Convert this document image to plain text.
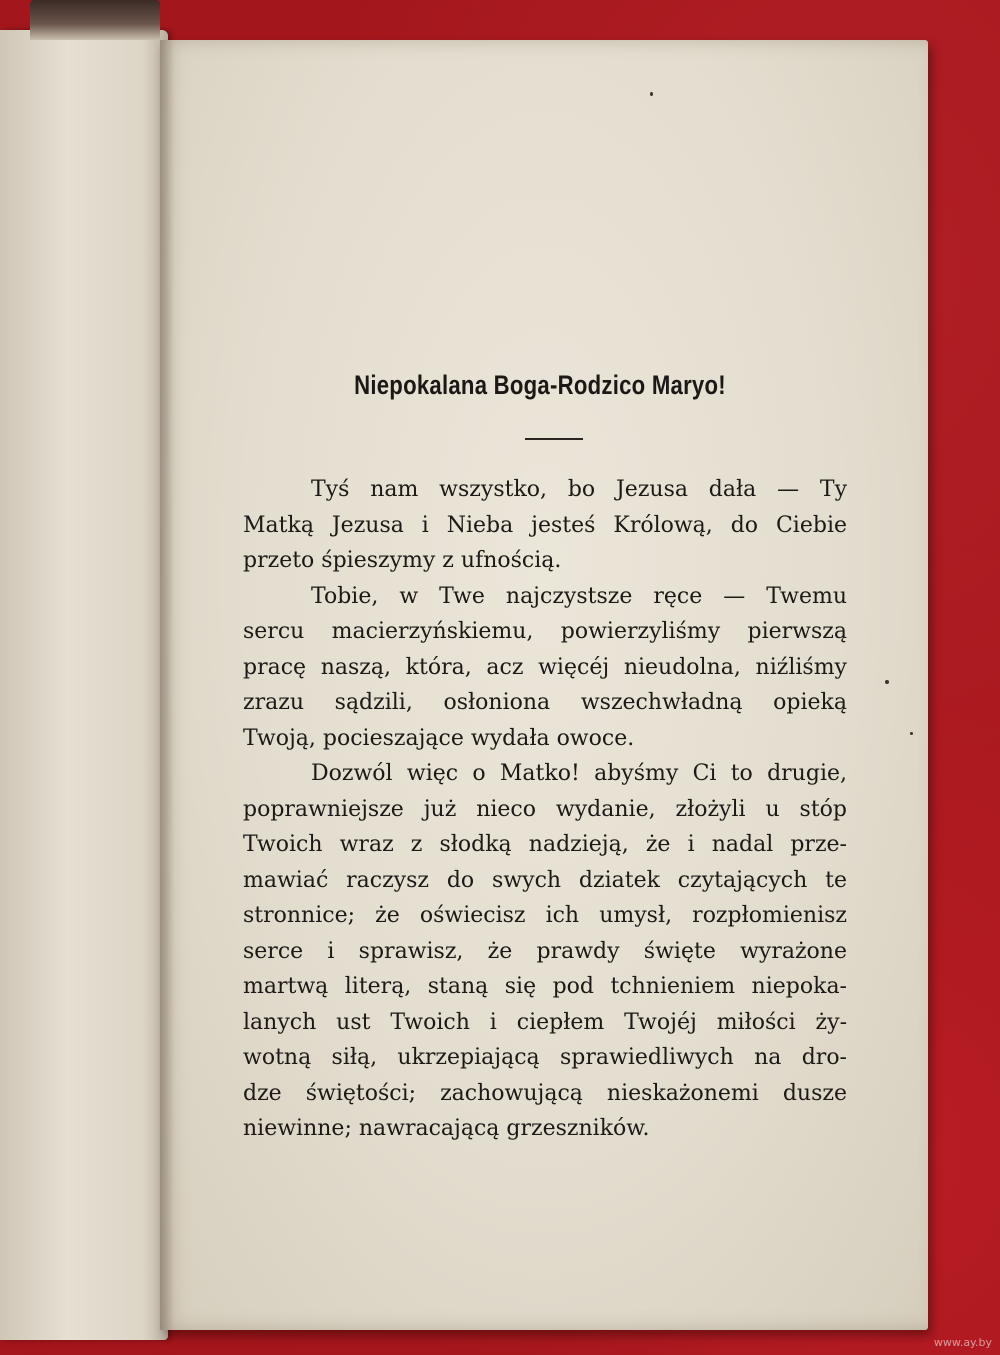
Niepokalana Boga-Rodzico Maryo!
Tyś nam wszystko, bo Jezusa dała — Ty
Matką Jezusa i Nieba jesteś Królową, do Ciebie
przeto śpieszymy z ufnością.
Tobie, w Twe najczystsze ręce — Twemu
sercu macierzyńskiemu, powierzyliśmy pierwszą
pracę naszą, która, acz więcéj nieudolna, niźliśmy
zrazu sądzili, osłoniona wszechwładną opieką
Twoją, pocieszające wydała owoce.
Dozwól więc o Matko! abyśmy Ci to drugie,
poprawniejsze już nieco wydanie, złożyli u stóp
Twoich wraz z słodką nadzieją, że i nadal prze-
mawiać raczysz do swych dziatek czytających te
stronnice; że oświecisz ich umysł, rozpłomienisz
serce i sprawisz, że prawdy święte wyrażone
martwą literą, staną się pod tchnieniem niepoka-
lanych ust Twoich i ciepłem Twojéj miłości ży-
wotną siłą, ukrzepiającą sprawiedliwych na dro-
dze świętości; zachowującą nieskażonemi dusze
niewinne; nawracającą grzeszników.
www.ay.by
